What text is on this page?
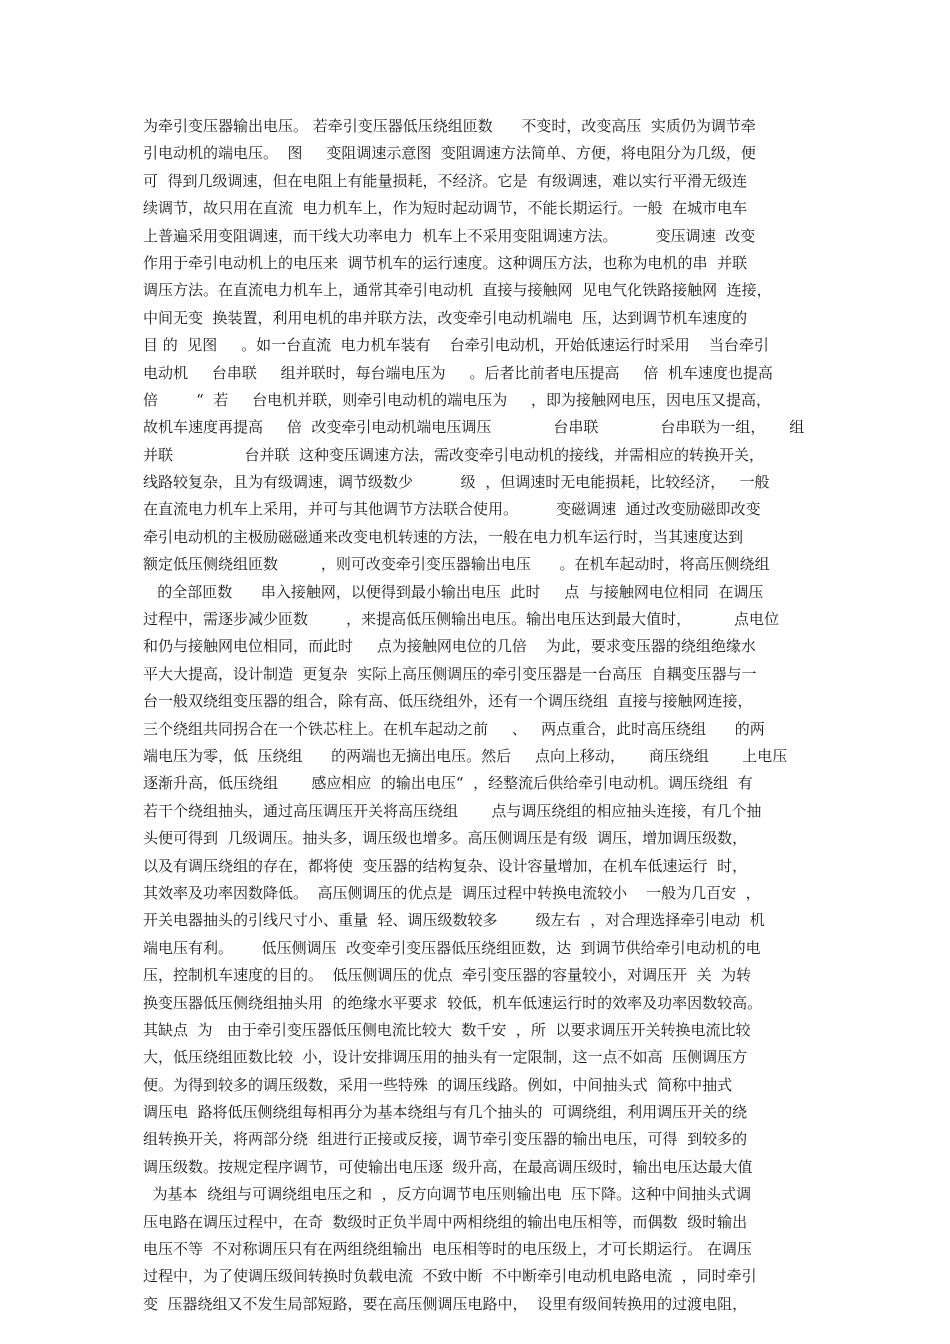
为牵引变压器输出电压。 若牵引变压器低压绕组匝数      不变时，改变高压  实质仍为调节牵
引电动机的端电压。  图     变阻调速示意图  变阻调速方法简单、方便，将电阻分为几级，便
可  得到几级调速，但在电阻上有能量损耗，不经济。它是  有级调速，难以实行平滑无级连
续调节，故只用在直流  电力机车上，作为短时起动调节，不能长期运行。一般  在城市电车
上普遍采用变阻调速，而干线大功率电力  机车上不采用变阻调速方法。        变压调速  改变
作用于牵引电动机上的电压来  调节机车的运行速度。这种调压方法，也称为电机的串  并联
调压方法。在直流电力机车上，通常其牵引电动机  直接与接触网  见电气化铁路接触网  连接，
中间无变  换装置，利用电机的串并联方法，改变牵引电动机端电  压，达到调节机车速度的
目 的  见图     。如一台直流  电力机车装有    台牵引电动机，开始低速运行时采用    当台牵引
电动机     台串联     组并联时，每台端电压为     。后者比前者电压提高     倍  机车速度也提高
倍        “  若     台电机并联，则牵引电动机的端电压为     ，即为接触网电压，因电压又提高，
故机车速度再提高     倍  改变牵引电动机端电压调压             台串联             台串联为一组，     组
并联               台并联  这种变压调速方法，需改变牵引电动机的接线，并需相应的转换开关，
线路较复杂，且为有级调速，调节级数少          级  ，但调速时无电能损耗，比较经济，   一般
在直流电力机车上采用，并可与其他调节方法联合使用。        变磁调速  通过改变励磁即改变
牵引电动机的主极励磁磁通来改变电机转速的方法，一般在电力机车运行时，当其速度达到
额定低压侧绕组匝数         ，则可改变牵引变压器输出电压      。在机车起动时，将高压侧绕组
的全部匝数      串入接触网，以便得到最小输出电压  此时     点  与接触网电位相同  在调压
过程中，需逐步减少匝数        ，来提高低压侧输出电压。输出电压达到最大值时，         点电位
和仍与接触网电位相同，而此时     点为接触网电位的几倍    为此，要求变压器的绕组绝缘水
平大大提高，设计制造  更复杂  实际上高压侧调压的牵引变压器是一台高压  自耦变压器与一
台一般双绕组变压器的组合，除有高、低压绕组外，还有一个调压绕组  直接与接触网连接，
三个绕组共同拐合在一个铁芯柱上。在机车起动之前     、   两点重合，此时高压绕组      的两
端电压为零，低  压绕组      的两端也无摘出电压。然后     点向上移动，     商压绕组       上电压
逐渐升高，低压绕组       感应相应  的输出电压“  ，经整流后供给牵引电动机。调压绕组  有
若干个绕组抽头，通过高压调压开关将高压绕组       点与调压绕组的相应抽头连接，有几个抽
头便可得到  几级调压。抽头多，调压级也增多。高压侧调压是有级  调压，增加调压级数，
以及有调压绕组的存在，都将使  变压器的结构复杂、设计容量增加，在机车低速运行  时，
其效率及功率因数降低。  高压侧调压的优点是  调压过程中转换电流较小    一般为几百安  ，
开关电器抽头的引线尺寸小、重量  轻、调压级数较多        级左右  ，对合理选择牵引电动  机
端电压有利。      低压侧调压  改变牵引变压器低压绕组匝数，达  到调节供给牵引电动机的电
压，控制机车速度的目的。  低压侧调压的优点  牵引变压器的容量较小，对调压开  关  为转
换变压器低压侧绕组抽头用  的绝缘水平要求  较低，机车低速运行时的效率及功率因数较高。
其缺点  为   由于牵引变压器低压侧电流比较大  数千安  ，所  以要求调压开关转换电流比较
大，低压绕组匝数比较  小，设计安排调压用的抽头有一定限制，这一点不如高  压侧调压方
便。为得到较多的调压级数，采用一些特殊  的调压线路。例如，中间抽头式  简称中抽式
调压电  路将低压侧绕组每相再分为基本绕组与有几个抽头的  可调绕组，利用调压开关的绕
组转换开关，将两部分绕  组进行正接或反接，调节牵引变压器的输出电压，可得  到较多的
调压级数。按规定程序调节，可使输出电压逐  级升高，在最高调压级时，输出电压达最大值
为基本  绕组与可调绕组电压之和  ，反方向调节电压则输出电  压下降。这种中间抽头式调
压电路在调压过程中，在奇  数级时正负半周中两相绕组的输出电压相等，而偶数  级时输出
电压不等  不对称调压只有在两组绕组输出  电压相等时的电压级上，才可长期运行。 在调压
过程中，为了使调压级间转换时负载电流  不致中断  不中断牵引电动机电路电流  ，同时牵引
变  压器绕组又不发生局部短路，要在高压侧调压电路中，  设里有级间转换用的过渡电阻，
